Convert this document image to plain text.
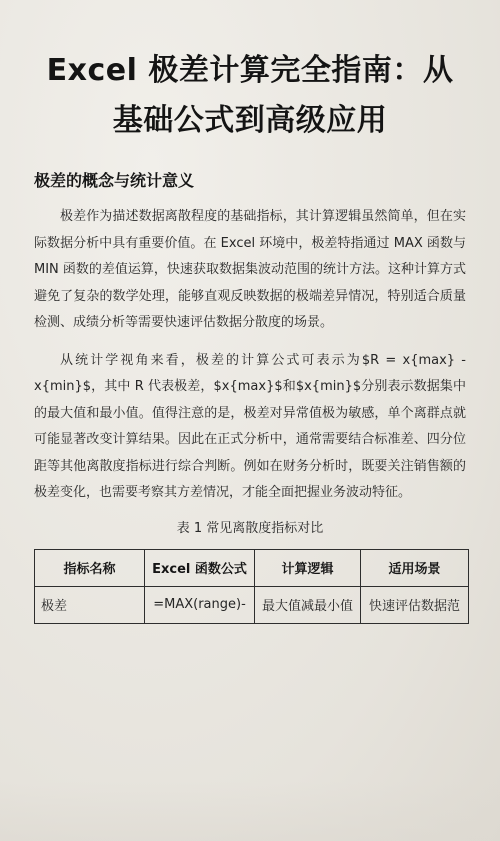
Excel 极差计算完全指南：从基础公式到高级应用
极差的概念与统计意义

极差作为描述数据离散程度的基础指标，其计算逻辑虽然简单，但在实际数据分析中具有重要价值。在 Excel 环境中，极差特指通过 MAX 函数与 MIN 函数的差值运算，快速获取数据集波动范围的统计方法。这种计算方式避免了复杂的数学处理，能够直观反映数据的极端差异情况，特别适合质量检测、成绩分析等需要快速评估数据分散度的场景。

从统计学视角来看，极差的计算公式可表示为$R = x{max} - x{min}$，其中 R 代表极差，$x{max}$和$x{min}$分别表示数据集中的最大值和最小值。值得注意的是，极差对异常值极为敏感，单个离群点就可能显著改变计算结果。因此在正式分析中，通常需要结合标准差、四分位距等其他离散度指标进行综合判断。例如在财务分析时，既要关注销售额的极差变化，也需要考察其方差情况，才能全面把握业务波动特征。

表 1 常见离散度指标对比
指标名称	Excel 函数公式	计算逻辑	适用场景
极差	=MAX(range)-	最大值减最小值	快速评估数据范
